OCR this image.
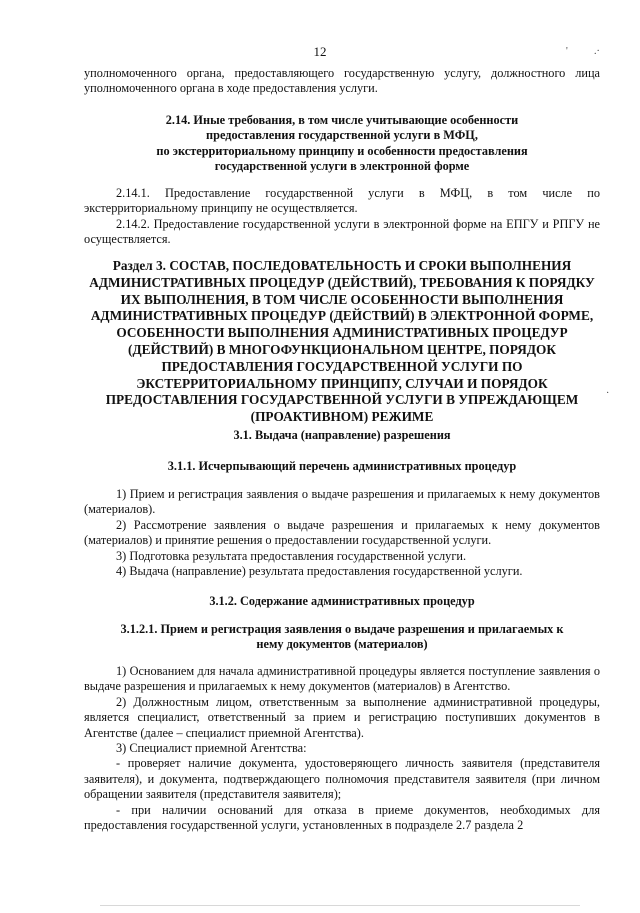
12	'	.·

уполномоченного органа, предоставляющего государственную услугу, должностного лица уполномоченного органа в ходе предоставления услуги.

2.14. Иные требования, в том числе учитывающие особенности
предоставления государственной услуги в МФЦ,
по экстерриториальному принципу и особенности предоставления
государственной услуги в электронной форме

2.14.1. Предоставление государственной услуги в МФЦ, в том числе по экстерриториальному принципу не осуществляется.

2.14.2. Предоставление государственной услуги в электронной форме на ЕПГУ и РПГУ не осуществляется.

Раздел 3. СОСТАВ, ПОСЛЕДОВАТЕЛЬНОСТЬ И СРОКИ ВЫПОЛНЕНИЯ
АДМИНИСТРАТИВНЫХ ПРОЦЕДУР (ДЕЙСТВИЙ), ТРЕБОВАНИЯ К ПОРЯДКУ
ИХ ВЫПОЛНЕНИЯ, В ТОМ ЧИСЛЕ ОСОБЕННОСТИ ВЫПОЛНЕНИЯ
АДМИНИСТРАТИВНЫХ ПРОЦЕДУР (ДЕЙСТВИЙ) В ЭЛЕКТРОННОЙ ФОРМЕ,
ОСОБЕННОСТИ ВЫПОЛНЕНИЯ АДМИНИСТРАТИВНЫХ ПРОЦЕДУР
(ДЕЙСТВИЙ) В МНОГОФУНКЦИОНАЛЬНОМ ЦЕНТРЕ, ПОРЯДОК
ПРЕДОСТАВЛЕНИЯ ГОСУДАРСТВЕННОЙ УСЛУГИ ПО
ЭКСТЕРРИТОРИАЛЬНОМУ ПРИНЦИПУ, СЛУЧАИ И ПОРЯДОК
ПРЕДОСТАВЛЕНИЯ ГОСУДАРСТВЕННОЙ УСЛУГИ В УПРЕЖДАЮЩЕМ
(ПРОАКТИВНОМ) РЕЖИМЕ
·
3.1. Выдача (направление) разрешения
3.1.1. Исчерпывающий перечень административных процедур

1) Прием и регистрация заявления о выдаче разрешения и прилагаемых к нему документов (материалов).

2) Рассмотрение заявления о выдаче разрешения и прилагаемых к нему документов (материалов) и принятие решения о предоставлении государственной услуги.

3) Подготовка результата предоставления государственной услуги.

4) Выдача (направление) результата предоставления государственной услуги.

3.1.2. Содержание административных процедур
3.1.2.1. Прием и регистрация заявления о выдаче разрешения и прилагаемых к
нему документов (материалов)

1) Основанием для начала административной процедуры является поступление заявления о выдаче разрешения и прилагаемых к нему документов (материалов) в Агентство.

2) Должностным лицом, ответственным за выполнение административной процедуры, является специалист, ответственный за прием и регистрацию поступивших документов в Агентстве (далее – специалист приемной Агентства).

3) Специалист приемной Агентства:

- проверяет наличие документа, удостоверяющего личность заявителя (представителя заявителя), и документа, подтверждающего полномочия представителя заявителя (при личном обращении заявителя (представителя заявителя);

- при наличии оснований для отказа в приеме документов, необходимых для предоставления государственной услуги, установленных в подразделе 2.7 раздела 2
